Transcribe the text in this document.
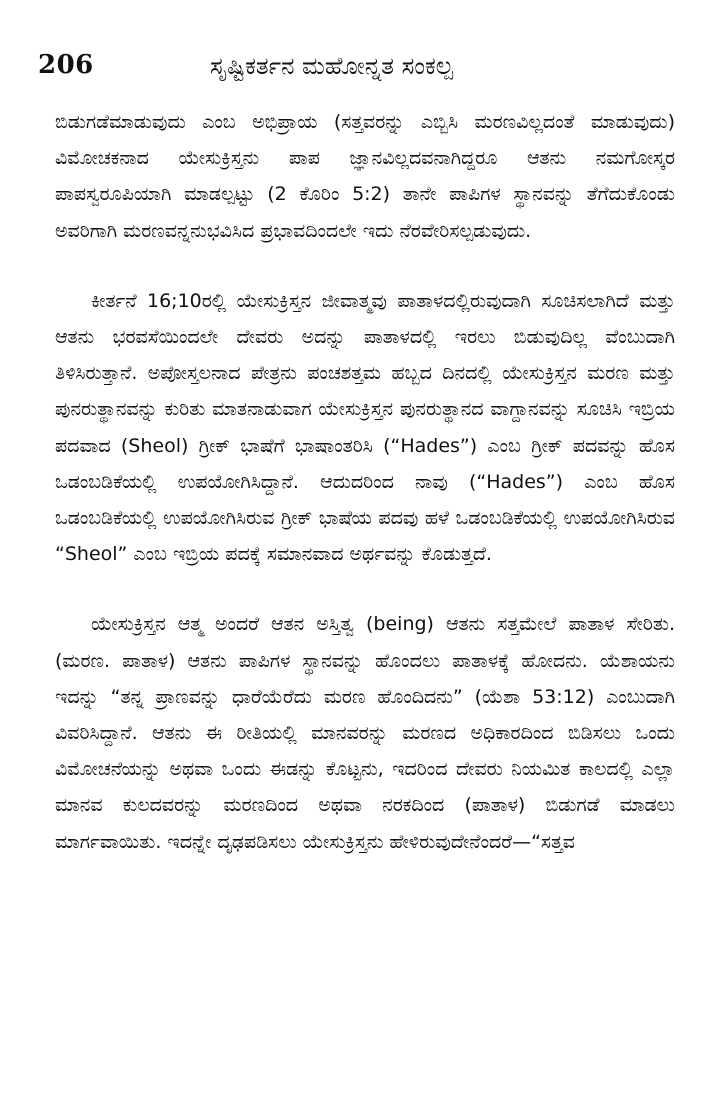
206	ಸೃಷ್ಟಿಕರ್ತನ ಮಹೋನ್ನತ ಸಂಕಲ್ಪ

ಬಿಡುಗಡೆಮಾಡುವುದು ಎಂಬ ಅಭಿಪ್ರಾಯ (ಸತ್ತವರನ್ನು ಎಬ್ಬಿಸಿ ಮರಣವಿಲ್ಲದಂತೆ ಮಾಡುವುದು) ವಿಮೋಚಕನಾದ ಯೇಸುಕ್ರಿಸ್ತನು ಪಾಪ ಜ್ಞಾನವಿಲ್ಲದವನಾಗಿದ್ದರೂ ಆತನು ನಮಗೋಸ್ಕರ ಪಾಪಸ್ವರೂಪಿಯಾಗಿ ಮಾಡಲ್ಪಟ್ಟು (2 ಕೊರಿಂ 5:2) ತಾನೇ ಪಾಪಿಗಳ ಸ್ಥಾನವನ್ನು ತೆಗೆದುಕೊಂಡು ಅವರಿಗಾಗಿ ಮರಣವನ್ನನುಭವಿಸಿದ ಪ್ರಭಾವದಿಂದಲೇ ಇದು ನೆರವೇರಿಸಲ್ಪಡುವುದು.

ಕೀರ್ತನೆ 16;10ರಲ್ಲಿ ಯೇಸುಕ್ರಿಸ್ತನ ಜೀವಾತ್ಮವು ಪಾತಾಳದಲ್ಲಿರುವುದಾಗಿ ಸೂಚಿಸಲಾಗಿದೆ ಮತ್ತು ಆತನು ಭರವಸೆಯಿಂದಲೇ ದೇವರು ಅದನ್ನು ಪಾತಾಳದಲ್ಲಿ ಇರಲು ಬಿಡುವುದಿಲ್ಲ ವೆಂಬುದಾಗಿ ತಿಳಿಸಿರುತ್ತಾನೆ. ಅಪೋಸ್ತಲನಾದ ಪೇತ್ರನು ಪಂಚಶತ್ತಮ ಹಬ್ಬದ ದಿನದಲ್ಲಿ ಯೇಸುಕ್ರಿಸ್ತನ ಮರಣ ಮತ್ತು ಪುನರುತ್ಥಾನವನ್ನು ಕುರಿತು ಮಾತನಾಡುವಾಗ ಯೇಸುಕ್ರಿಸ್ತನ ಪುನರುತ್ಥಾನದ ವಾಗ್ದಾನವನ್ನು ಸೂಚಿಸಿ ಇಬ್ರಿಯ ಪದವಾದ (Sheol) ಗ್ರೀಕ್ ಭಾಷೆಗೆ ಭಾಷಾಂತರಿಸಿ (“Hades”) ಎಂಬ ಗ್ರೀಕ್ ಪದವನ್ನು ಹೊಸ ಒಡಂಬಡಿಕೆಯಲ್ಲಿ ಉಪಯೋಗಿಸಿದ್ದಾನೆ. ಆದುದರಿಂದ ನಾವು (“Hades”) ಎಂಬ ಹೊಸ ಒಡಂಬಡಿಕೆಯಲ್ಲಿ ಉಪಯೋಗಿಸಿರುವ ಗ್ರೀಕ್ ಭಾಷೆಯ ಪದವು ಹಳೆ ಒಡಂಬಡಿಕೆಯಲ್ಲಿ ಉಪಯೋಗಿಸಿರುವ “Sheol” ಎಂಬ ಇಬ್ರಿಯ ಪದಕ್ಕೆ ಸಮಾನವಾದ ಅರ್ಥವನ್ನು ಕೊಡುತ್ತದೆ.

ಯೇಸುಕ್ರಿಸ್ತನ ಆತ್ಮ ಅಂದರೆ ಆತನ ಅಸ್ತಿತ್ವ (being) ಆತನು ಸತ್ತಮೇಲೆ ಪಾತಾಳ ಸೇರಿತು. (ಮರಣ. ಪಾತಾಳ) ಆತನು ಪಾಪಿಗಳ ಸ್ಥಾನವನ್ನು ಹೊಂದಲು ಪಾತಾಳಕ್ಕೆ ಹೋದನು. ಯೆಶಾಯನು ಇದನ್ನು “ತನ್ನ ಪ್ರಾಣವನ್ನು ಧಾರೆಯೆರೆದು ಮರಣ ಹೊಂದಿದನು” (ಯೆಶಾ 53:12) ಎಂಬುದಾಗಿ ವಿವರಿಸಿದ್ದಾನೆ. ಆತನು ಈ ರೀತಿಯಲ್ಲಿ ಮಾನವರನ್ನು ಮರಣದ ಅಧಿಕಾರದಿಂದ ಬಿಡಿಸಲು ಒಂದು ವಿಮೋಚನೆಯನ್ನು ಅಥವಾ ಒಂದು ಈಡನ್ನು ಕೊಟ್ಟನು, ಇದರಿಂದ ದೇವರು ನಿಯಮಿತ ಕಾಲದಲ್ಲಿ ಎಲ್ಲಾ ಮಾನವ ಕುಲದವರನ್ನು ಮರಣದಿಂದ ಅಥವಾ ನರಕದಿಂದ (ಪಾತಾಳ) ಬಿಡುಗಡೆ ಮಾಡಲು ಮಾರ್ಗವಾಯಿತು. ಇದನ್ನೇ ದೃಢಪಡಿಸಲು ಯೇಸುಕ್ರಿಸ್ತನು ಹೇಳಿರುವುದೇನೆಂದರೆ—“ಸತ್ತವ
